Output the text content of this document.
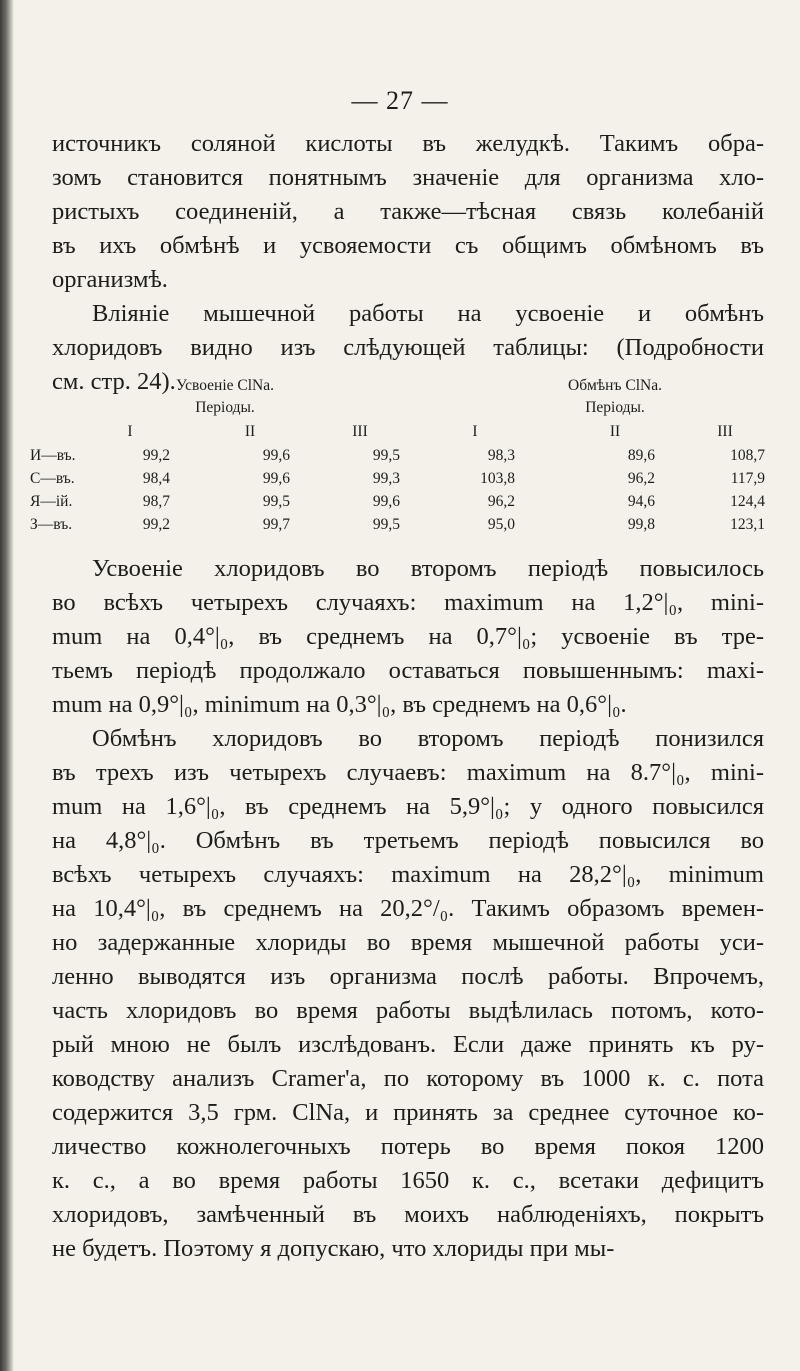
— 27 —
источникъ соляной кислоты въ желудкѣ. Такимъ обра-
зомъ становится понятнымъ значеніе для организма хло-
ристыхъ соединеній, а также—тѣсная связь колебаній
въ ихъ обмѣнѣ и усвояемости съ общимъ обмѣномъ въ
организмѣ.
Вліяніе мышечной работы на усвоеніе и обмѣнъ
хлоридовъ видно изъ слѣдующей таблицы: (Подробности
см. стр. 24). Усвоеніе ClNa.
Періоды.
Обмѣнъ ClNa.
Періоды.
I	II	III	I	II	III
И—въ.	99,2	99,6	99,5	98,3	89,6	108,7
С—въ.	98,4	99,6	99,3	103,8	96,2	117,9
Я—ій.	98,7	99,5	99,6	96,2	94,6	124,4
З—въ.	99,2	99,7	99,5	95,0	99,8	123,1
Усвоеніе хлоридовъ во второмъ періодѣ повысилось
во всѣхъ четырехъ случаяхъ: maximum на 1,2°|₀, mini-
mum на 0,4°|₀, въ среднемъ на 0,7°|₀; усвоеніе въ тре-
тьемъ періодѣ продолжало оставаться повышеннымъ: maxi-
mum на 0,9°|₀, minimum на 0,3°|₀, въ среднемъ на 0,6°|₀.
Обмѣнъ хлоридовъ во второмъ періодѣ понизился
въ трехъ изъ четырехъ случаевъ: maximum на 8.7°|₀, mini-
mum на 1,6°|₀, въ среднемъ на 5,9°|₀; у одного повысился
на 4,8°|₀. Обмѣнъ въ третьемъ періодѣ повысился во
всѣхъ четырехъ случаяхъ: maximum на 28,2°|₀, minimum
на 10,4°|₀, въ среднемъ на 20,2°/₀. Такимъ образомъ времен-
но задержанные хлориды во время мышечной работы уси-
ленно выводятся изъ организма послѣ работы. Впрочемъ,
часть хлоридовъ во время работы выдѣлилась потомъ, кото-
рый мною не былъ изслѣдованъ. Если даже принять къ ру-
ководству анализъ Cramer'а, по которому въ 1000 к. с. пота
содержится 3,5 грм. ClNa, и принять за среднее суточное ко-
личество кожнолегочныхъ потерь во время покоя 1200
к. с., а во время работы 1650 к. с., всетаки дефицитъ
хлоридовъ, замѣченный въ моихъ наблюденіяхъ, покрытъ
не будетъ. Поэтому я допускаю, что хлориды при мы-
